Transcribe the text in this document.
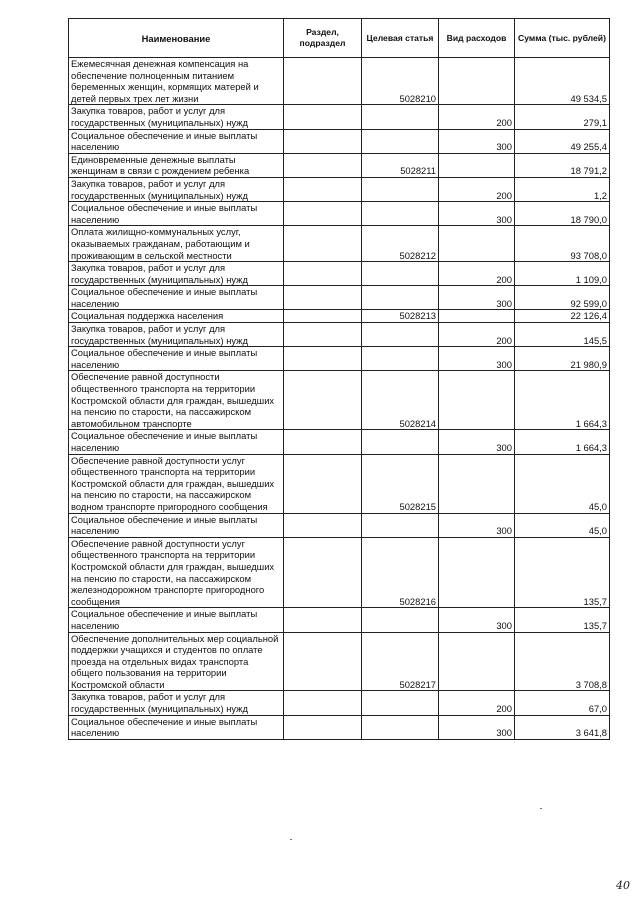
Наименование	Раздел, подраздел	Целевая статья	Вид расходов	Сумма (тыс. рублей)
Ежемесячная денежная компенсация на обеспечение полноценным питанием беременных женщин, кормящих матерей и детей первых трех лет жизни		5028210		49 534,5
Закупка товаров, работ и услуг для государственных (муниципальных) нужд			200	279,1
Социальное обеспечение и иные выплаты населению			300	49 255,4
Единовременные денежные выплаты женщинам в связи с рождением ребенка		5028211		18 791,2
Закупка товаров, работ и услуг для государственных (муниципальных) нужд			200	1,2
Социальное обеспечение и иные выплаты населению			300	18 790,0
Оплата жилищно-коммунальных услуг, оказываемых гражданам, работающим и проживающим в сельской местности		5028212		93 708,0
Закупка товаров, работ и услуг для государственных (муниципальных) нужд			200	1 109,0
Социальное обеспечение и иные выплаты населению			300	92 599,0
Социальная поддержка населения		5028213		22 126,4
Закупка товаров, работ и услуг для государственных (муниципальных) нужд			200	145,5
Социальное обеспечение и иные выплаты населению			300	21 980,9
Обеспечение равной доступности общественного транспорта на территории Костромской области для граждан, вышедших на пенсию по старости, на пассажирском автомобильном транспорте		5028214		1 664,3
Социальное обеспечение и иные выплаты населению			300	1 664,3
Обеспечение равной доступности услуг общественного транспорта на территории Костромской области для граждан, вышедших на пенсию по старости, на пассажирском водном транспорте пригородного сообщения		5028215		45,0
Социальное обеспечение и иные выплаты населению			300	45,0
Обеспечение равной доступности услуг общественного транспорта на территории Костромской области для граждан, вышедших на пенсию по старости, на пассажирском железнодорожном транспорте пригородного сообщения		5028216		135,7
Социальное обеспечение и иные выплаты населению			300	135,7
Обеспечение дополнительных мер социальной поддержки учащихся и студентов по оплате проезда на отдельных видах транспорта общего пользования на территории Костромской области		5028217		3 708,8
Закупка товаров, работ и услуг для государственных (муниципальных) нужд			200	67,0
Социальное обеспечение и иные выплаты населению			300	3 641,8
40
